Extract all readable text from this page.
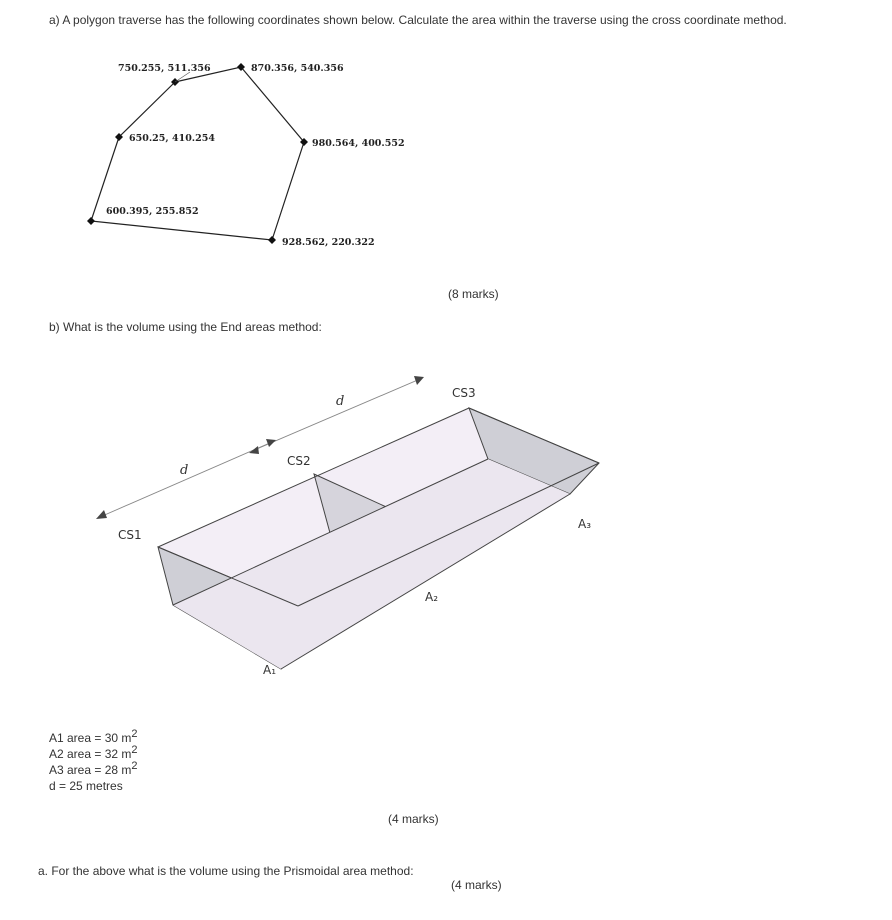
a) A polygon traverse has the following coordinates shown below. Calculate the area within the traverse using the cross coordinate method.
750.255, 511.356	870.356, 540.356
980.564, 400.552
928.562, 220.322
600.395, 255.852
650.25, 410.254
(8 marks)
b) What is the volume using the End areas method:
CS1
CS2
CS3
d
d
A₁
A₂
A₃
A1 area = 30 $m^2$
A2 area = 32 $m^2$
A3 area = 28 $m^2$
d = 25 metres
(4 marks)
a. For the above what is the volume using the Prismoidal area method:
(4 marks)
